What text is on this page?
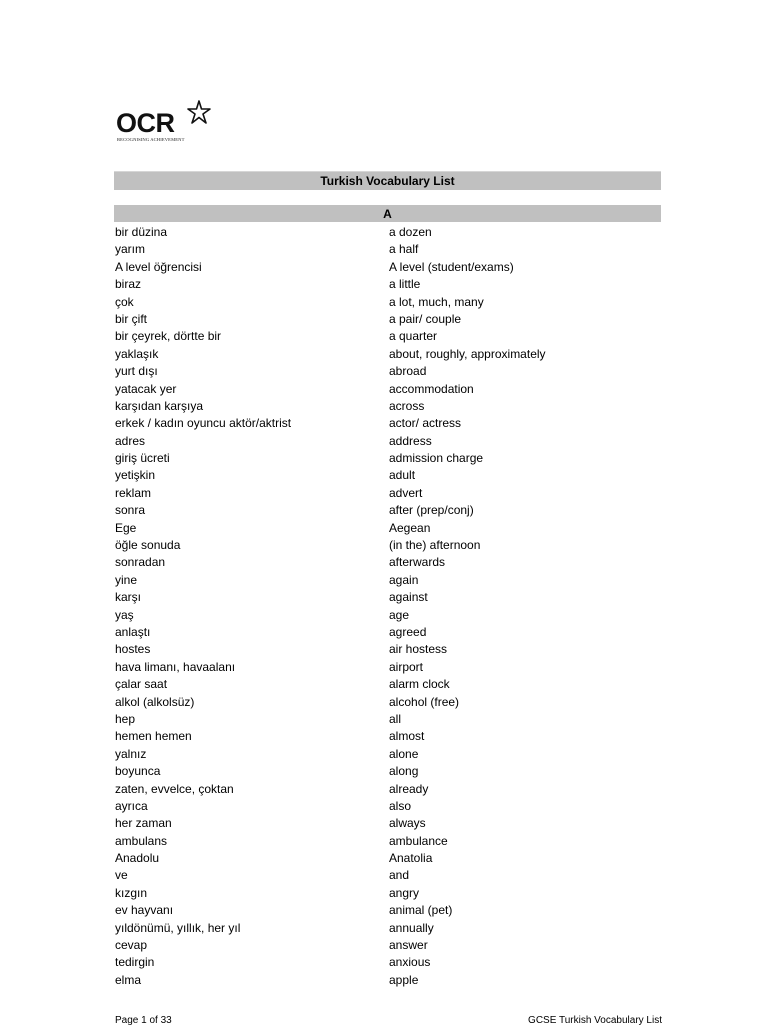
OCR
RECOGNISING ACHIEVEMENT
Turkish Vocabulary List
A
bir düzina	a dozen
yarım	a half
A level öğrencisi	A level (student/exams)
biraz	a little
çok	a lot, much, many
bir çift	a pair/ couple
bir çeyrek, dörtte bir	a quarter
yaklaşık	about, roughly, approximately
yurt dışı	abroad
yatacak yer	accommodation
karşıdan karşıya	across
erkek / kadın oyuncu aktör/aktrist	actor/ actress
adres	address
giriş ücreti	admission charge
yetişkin	adult
reklam	advert
sonra	after (prep/conj)
Ege	Aegean
öğle sonuda	(in the) afternoon
sonradan	afterwards
yine	again
karşı	against
yaş	age
anlaştı	agreed
hostes	air hostess
hava limanı, havaalanı	airport
çalar saat	alarm clock
alkol (alkolsüz)	alcohol (free)
hep	all
hemen hemen	almost
yalnız	alone
boyunca	along
zaten, evvelce, çoktan	already
ayrıca	also
her zaman	always
ambulans	ambulance
Anadolu	Anatolia
ve	and
kızgın	angry
ev hayvanı	animal (pet)
yıldönümü, yıllık, her yıl	annually
cevap	answer
tedirgin	anxious
elma	apple
Page 1 of 33	GCSE Turkish Vocabulary List
